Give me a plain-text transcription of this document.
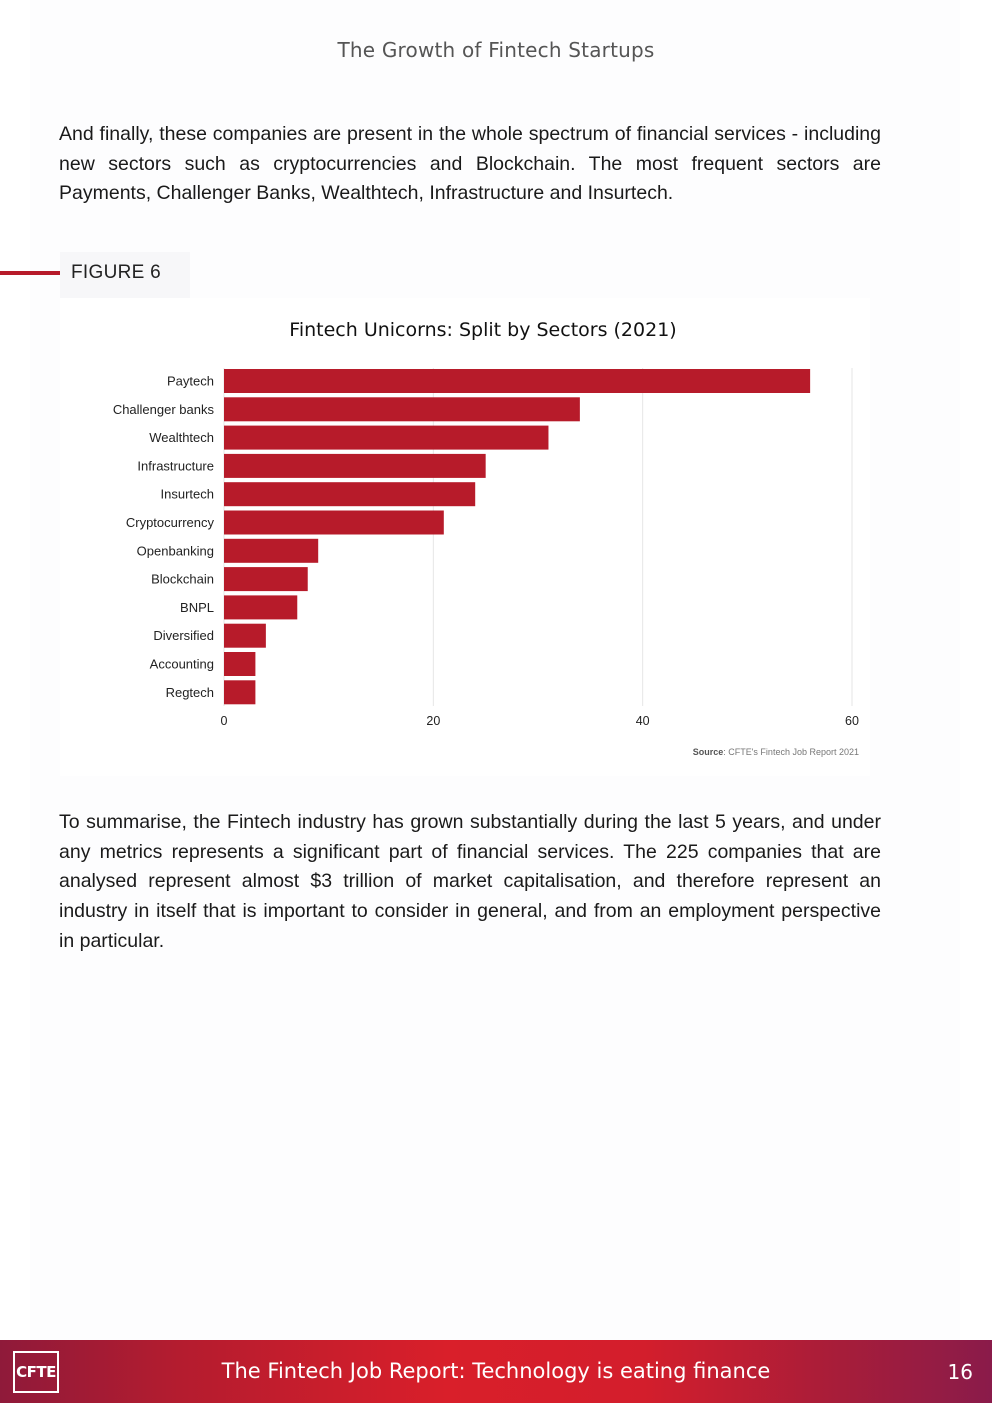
The Growth of Fintech Startups

And finally, these companies are present in the whole spectrum of financial services - including new sectors such as cryptocurrencies and Blockchain. The most frequent sectors are Payments, Challenger Banks, Wealthtech, Infrastructure and Insurtech.

FIGURE 6
Fintech Unicorns: Split by Sectors (2021)
Paytech
Challenger banks
Wealthtech
Infrastructure
Insurtech
Cryptocurrency
Openbanking
Blockchain
BNPL
Diversified
Accounting
Regtech
0	20	40	60
Source: CFTE's Fintech Job Report 2021

To summarise, the Fintech industry has grown substantially during the last 5 years, and under any metrics represents a significant part of financial services. The 225 companies that are analysed represent almost $3 trillion of market capitalisation, and therefore represent an industry in itself that is important to consider in general, and from an employment perspective in particular.

CFTE	The Fintech Job Report: Technology is eating finance	16
